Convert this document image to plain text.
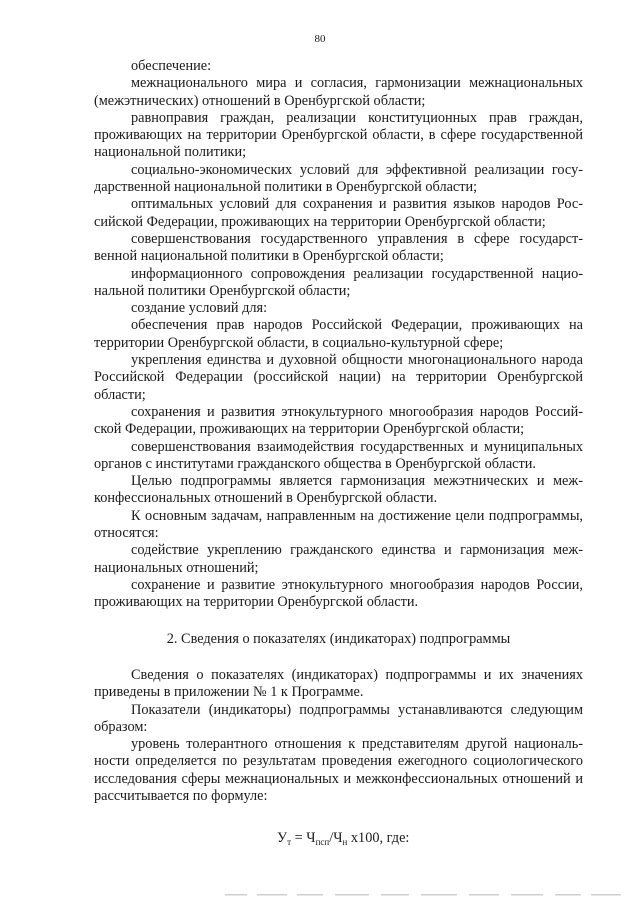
80

обеспечение:

межнационального мира и согласия, гармонизации межнациональных (межэтнических) отношений в Оренбургской области;

равноправия граждан, реализации конституционных прав граждан, проживающих на территории Оренбургской области, в сфере государственной национальной политики;

социально-экономических условий для эффективной реализации государственной национальной политики в Оренбургской области;

оптимальных условий для сохранения и развития языков народов Российской Федерации, проживающих на территории Оренбургской области;

совершенствования государственного управления в сфере государственной национальной политики в Оренбургской области;

информационного сопровождения реализации государственной национальной политики Оренбургской области;

создание условий для:

обеспечения прав народов Российской Федерации, проживающих на территории Оренбургской области, в социально-культурной сфере;

укрепления единства и духовной общности многонационального народа Российской Федерации (российской нации) на территории Оренбургской области;

сохранения и развития этнокультурного многообразия народов Российской Федерации, проживающих на территории Оренбургской области;

совершенствования взаимодействия государственных и муниципальных органов с институтами гражданского общества в Оренбургской области.

Целью подпрограммы является гармонизация межэтнических и межконфессиональных отношений в Оренбургской области.

К основным задачам, направленным на достижение цели подпрограммы, относятся:

содействие укреплению гражданского единства и гармонизация межнациональных отношений;

сохранение и развитие этнокультурного многообразия народов России, проживающих на территории Оренбургской области.

2. Сведения о показателях (индикаторах) подпрограммы

Сведения о показателях (индикаторах) подпрограммы и их значениях приведены в приложении № 1 к Программе.

Показатели (индикаторы) подпрограммы устанавливаются следующим образом:

уровень толерантного отношения к представителям другой национальности определяется по результатам проведения ежегодного социологического исследования сферы межнациональных и межконфессиональных отношений и рассчитывается по формуле:

$У_т = Ч_{псп}/Ч_н$ х100, где:
